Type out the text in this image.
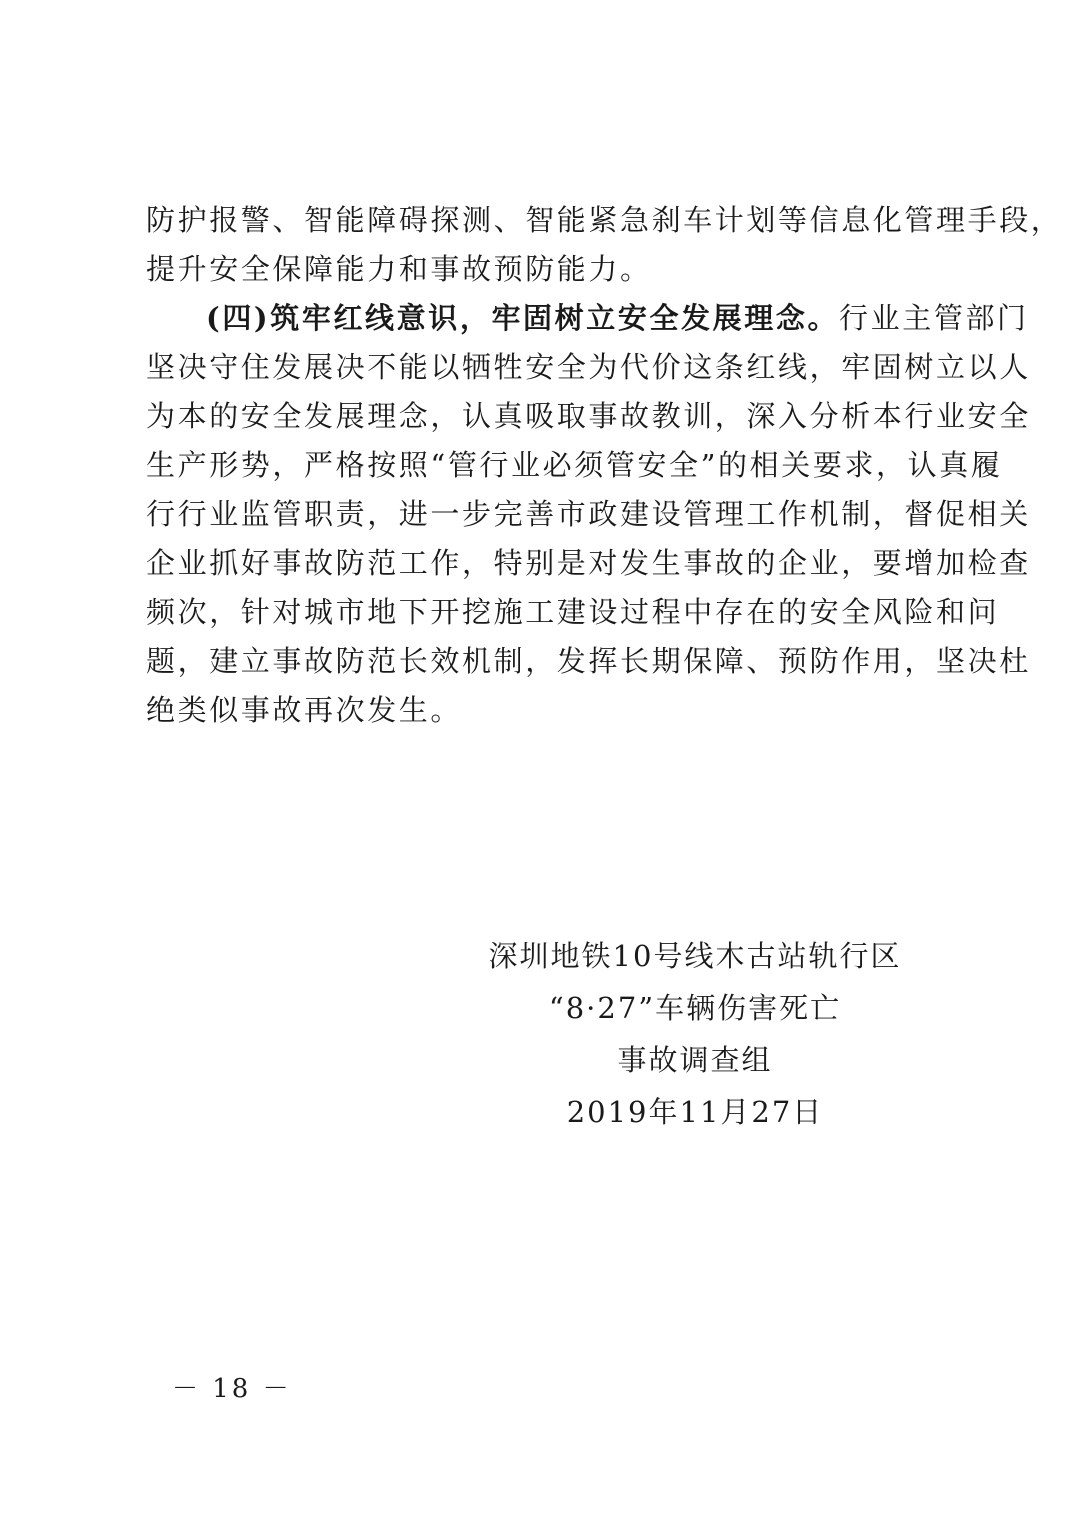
防护报警、智能障碍探测、智能紧急刹车计划等信息化管理手段，
提升安全保障能力和事故预防能力。
(四)筑牢红线意识，牢固树立安全发展理念。行业主管部门
坚决守住发展决不能以牺牲安全为代价这条红线，牢固树立以人
为本的安全发展理念，认真吸取事故教训，深入分析本行业安全
生产形势，严格按照“管行业必须管安全”的相关要求，认真履
行行业监管职责，进一步完善市政建设管理工作机制，督促相关
企业抓好事故防范工作，特别是对发生事故的企业，要增加检查
频次，针对城市地下开挖施工建设过程中存在的安全风险和问
题，建立事故防范长效机制，发挥长期保障、预防作用，坚决杜
绝类似事故再次发生。
深圳地铁10号线木古站轨行区
“8·27”车辆伤害死亡
事故调查组
2019年11月27日
－ 18 －
